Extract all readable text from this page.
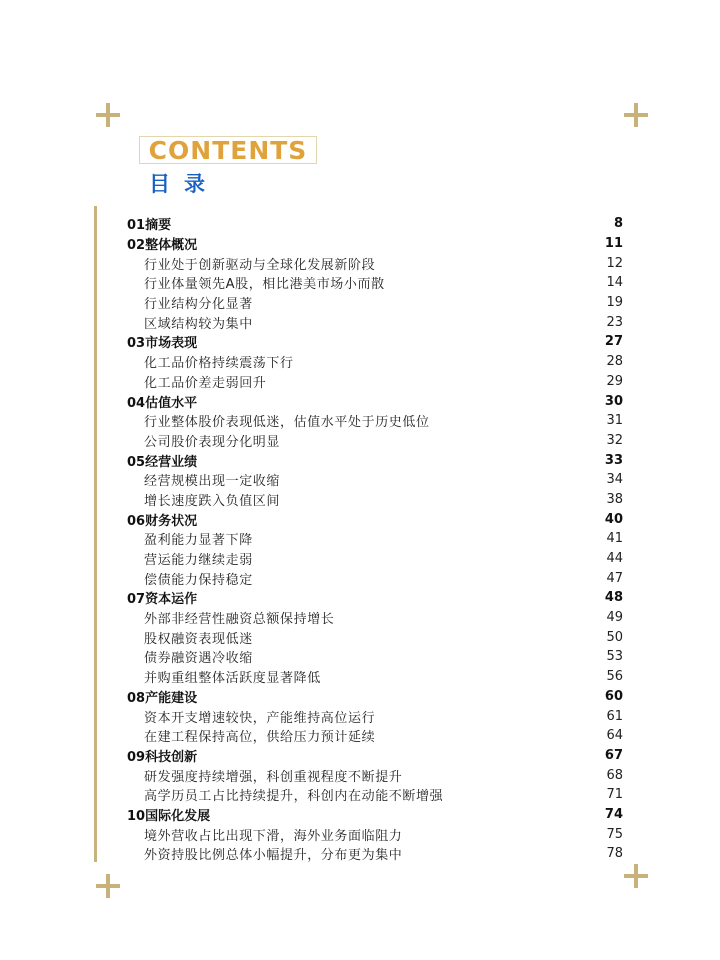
CONTENTS
目录
01摘要	8
02整体概况	11
行业处于创新驱动与全球化发展新阶段	12
行业体量领先A股，相比港美市场小而散	14
行业结构分化显著	19
区域结构较为集中	23
03市场表现	27
化工品价格持续震荡下行	28
化工品价差走弱回升	29
04估值水平	30
行业整体股价表现低迷，估值水平处于历史低位	31
公司股价表现分化明显	32
05经营业绩	33
经营规模出现一定收缩	34
增长速度跌入负值区间	38
06财务状况	40
盈利能力显著下降	41
营运能力继续走弱	44
偿债能力保持稳定	47
07资本运作	48
外部非经营性融资总额保持增长	49
股权融资表现低迷	50
债券融资遇冷收缩	53
并购重组整体活跃度显著降低	56
08产能建设	60
资本开支增速较快，产能维持高位运行	61
在建工程保持高位，供给压力预计延续	64
09科技创新	67
研发强度持续增强，科创重视程度不断提升	68
高学历员工占比持续提升，科创内在动能不断增强	71
10国际化发展	74
境外营收占比出现下滑，海外业务面临阻力	75
外资持股比例总体小幅提升，分布更为集中	78
